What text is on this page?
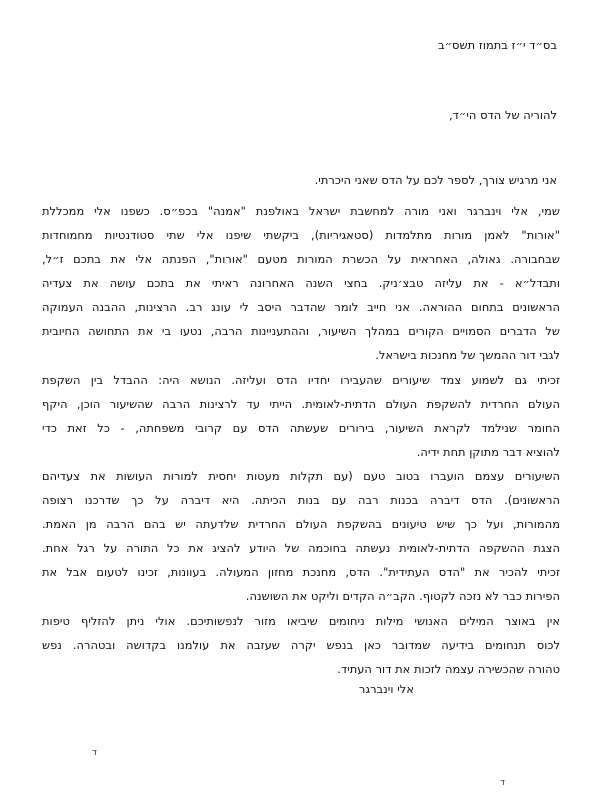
בס״ד י״ז בתמוז תשס״ב
להוריה של הדס הי״ד,
אני מרגיש צורך, לספר לכם על הדס שאני היכרתי.
שמי, אלי וינברגר ואני מורה למחשבת ישראל באולפנת "אמנה" בכפ״ס. כשפנו אלי ממכללת
"אורות" לאמן מורות מתלמדות (סטאגיריות), ביקשתי שיפנו אלי שתי סטודנטיות מחמוחדות
שבחבורה. גאולה, האחראית על הכשרת המורות מטעם "אורות", הפנתה אלי את בתכם ז״ל,
ותבדל״א - את עליזה טבצ׳ניק. בחצי השנה האחרונה ראיתי את בתכם עושה את צעדיה
הראשונים בתחום ההוראה. אני חייב לומר שהדבר היסב לי עונג רב. הרצינות, ההבנה העמוקה
של הדברים הסמויים הקורים במהלך השיעור, וההתעניינות הרבה, נטעו בי את התחושה החיובית
לגבי דור ההמשך של מחנכות בישראל.
זכיתי גם לשמוע צמד שיעורים שהעבירו יחדיו הדס ועליזה. הנושא היה: ההבדל בין השקפת
העולם החרדית להשקפת העולם הדתית-לאומית. הייתי עד לרצינות הרבה שהשיעור הוכן, היקף
החומר שנילמד לקראת השיעור, בירורים שעשתה הדס עם קרובי משפחתה, - כל זאת כדי
להוציא דבר מתוקן תחת ידיה.
השיעורים עצמם הועברו בטוב טעם (עם תקלות מעטות יחסית למורות העושות את צעדיהם
הראשונים). הדס דיברה בכנות רבה עם בנות הכיתה. היא דיברה על כך שדרכנו רצופה
מהמורות, ועל כך שיש טיעונים בהשקפת העולם החרדית שלדעתה יש בהם הרבה מן האמת.
הצגת ההשקפה הדתית-לאומית נעשתה בחוכמה של היודע להציג את כל התורה על רגל אחת.
זכיתי להכיר את "הדס העתידית". הדס, מחנכת מחזון המעולה. בעוונות, זכינו לטעום אבל את
הפירות כבר לא נזכה לקטוף. הקב״ה הקדים וליקט את השושנה.
אין באוצר המילים האנושי מילות ניחומים שיביאו מזור לנפשותיכם. אולי ניתן להזליף טיפות
לכוס תנחומים בידיעה שמדובר כאן בנפש יקרה שעזבה את עולמנו בקדושה ובטהרה. נפש
טהורה שהכשירה עצמה לזכות את דור העתיד.
אלי וינברגר
ד
ד
